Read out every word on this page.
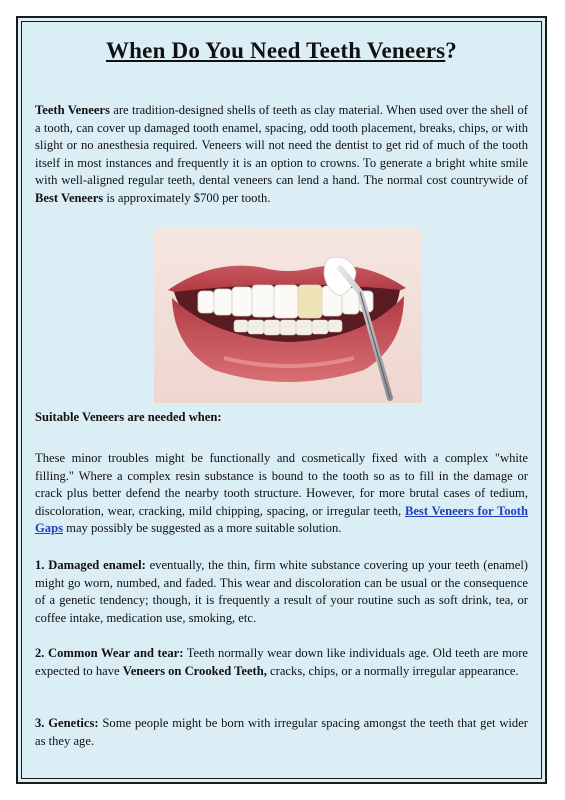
When Do You Need Teeth Veneers?
Teeth Veneers are tradition-designed shells of teeth as clay material. When used over the shell of a tooth, can cover up damaged tooth enamel, spacing, odd tooth placement, breaks, chips, or with slight or no anesthesia required. Veneers will not need the dentist to get rid of much of the tooth itself in most instances and frequently it is an option to crowns. To generate a bright white smile with well-aligned regular teeth, dental veneers can lend a hand. The normal cost countrywide of Best Veneers is approximately $700 per tooth.
Suitable Veneers are needed when:
These minor troubles might be functionally and cosmetically fixed with a complex "white filling." Where a complex resin substance is bound to the tooth so as to fill in the damage or crack plus better defend the nearby tooth structure. However, for more brutal cases of tedium, discoloration, wear, cracking, mild chipping, spacing, or irregular teeth, Best Veneers for Tooth Gaps may possibly be suggested as a more suitable solution.
1. Damaged enamel: eventually, the thin, firm white substance covering up your teeth (enamel) might go worn, numbed, and faded. This wear and discoloration can be usual or the consequence of a genetic tendency; though, it is frequently a result of your routine such as soft drink, tea, or coffee intake, medication use, smoking, etc.
2. Common Wear and tear: Teeth normally wear down like individuals age. Old teeth are more expected to have Veneers on Crooked Teeth, cracks, chips, or a normally irregular appearance.
3. Genetics: Some people might be born with irregular spacing amongst the teeth that get wider as they age.
